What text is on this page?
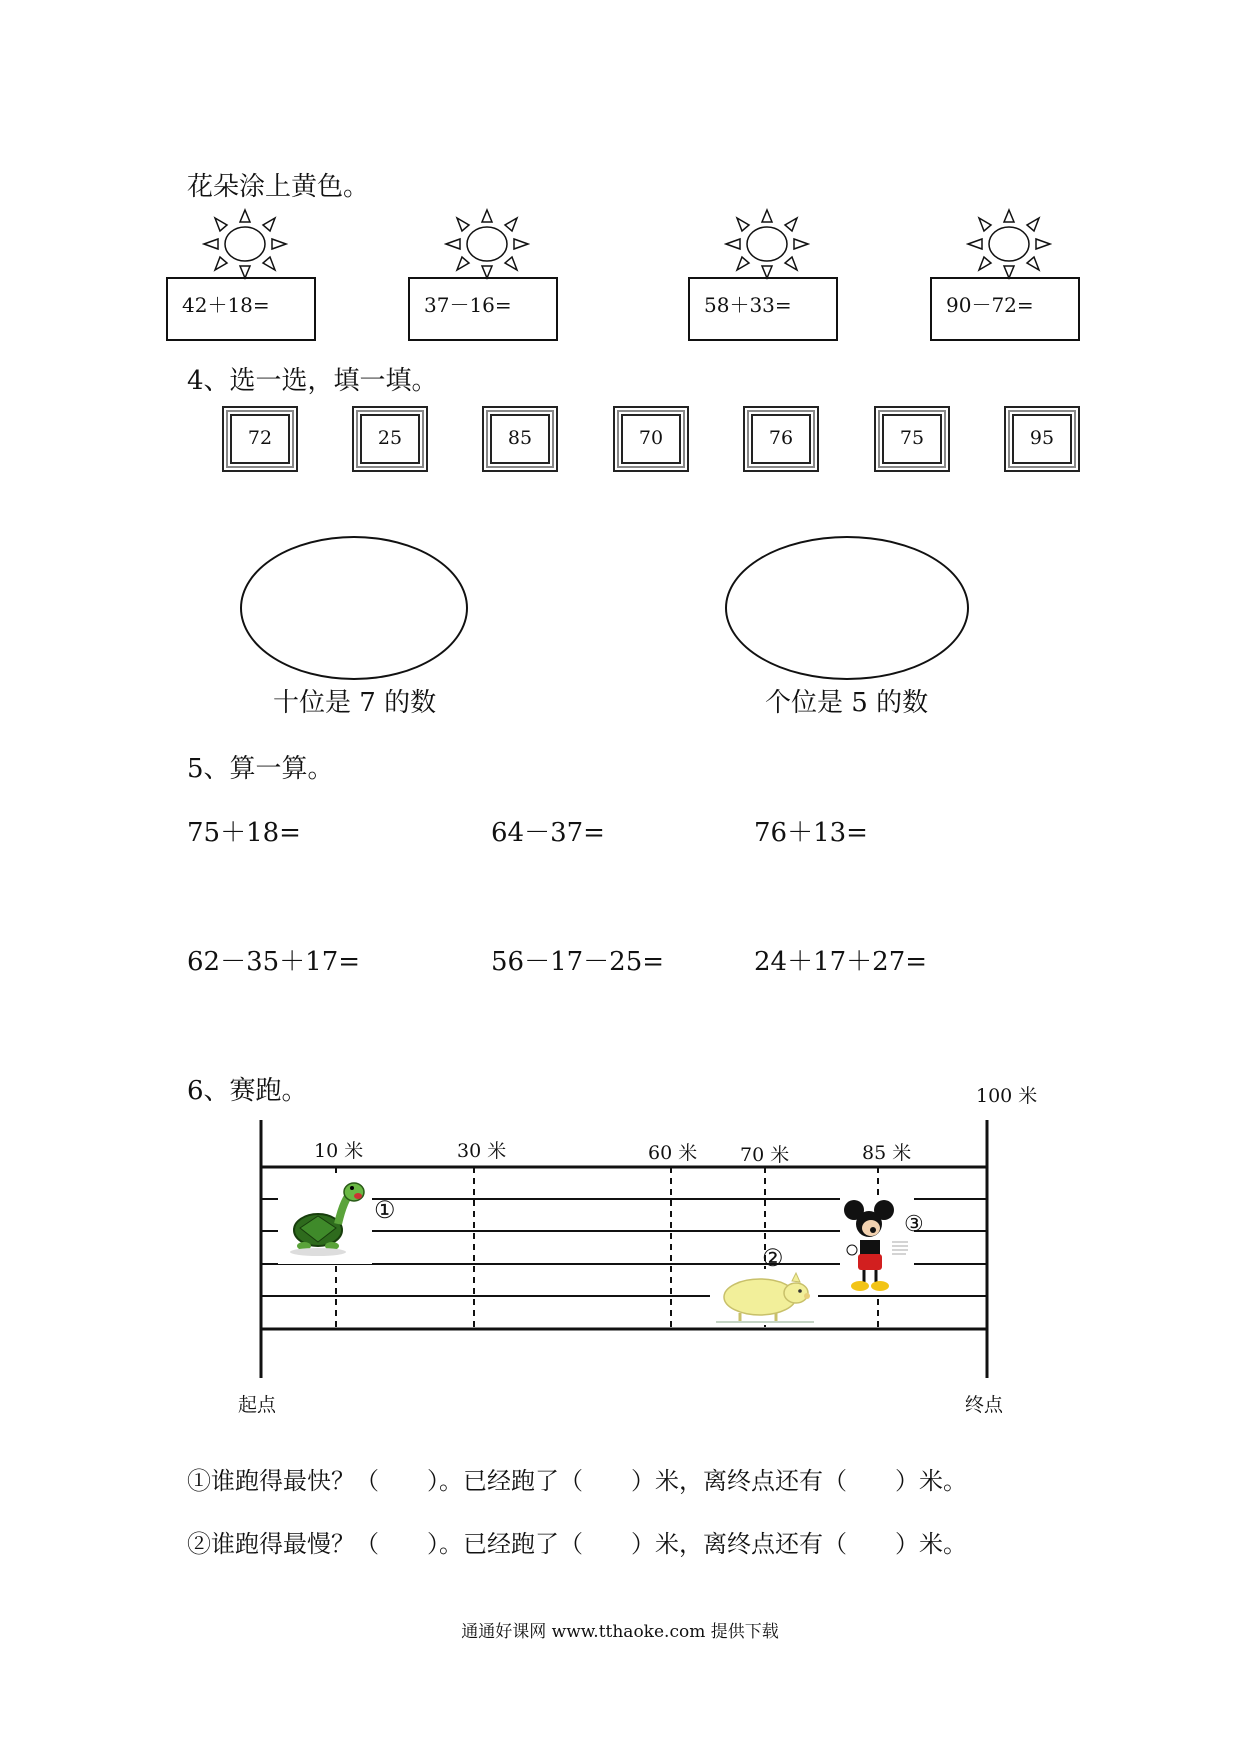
花朵涂上黄色。
42＋18=	37－16=	58＋33=	90－72=
4、选一选，填一填。
72	25	85	70	76	75	95
十位是 7 的数	个位是 5 的数
5、算一算。
75＋18=	64－37=	76＋13=
62－35＋17=	56－17－25=	24＋17＋27=
6、赛跑。	100 米
10 米	30 米	60 米 70 米	85 米
①
②
③
起点	终点
①谁跑得最快？（　　）。已经跑了（　　）米，离终点还有（　　）米。
②谁跑得最慢？（　　）。已经跑了（　　）米，离终点还有（　　）米。
通通好课网 www.tthaoke.com 提供下载
